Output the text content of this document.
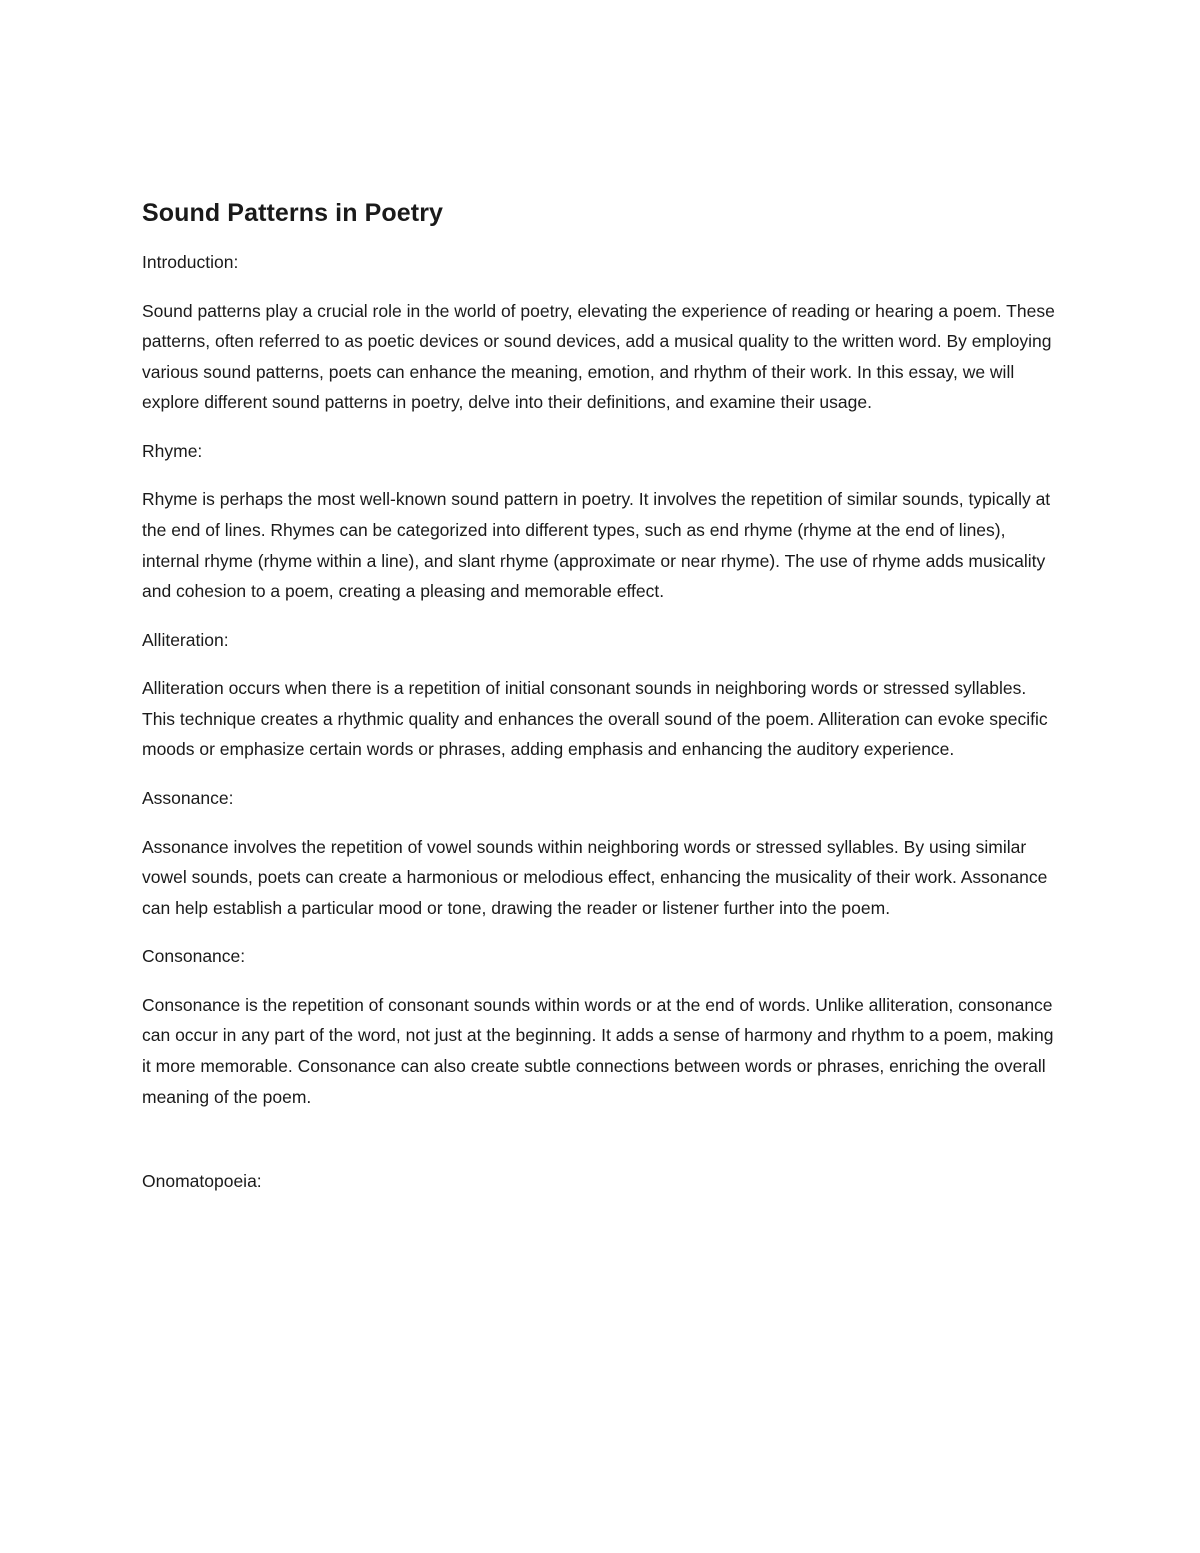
Sound Patterns in Poetry

Introduction:

Sound patterns play a crucial role in the world of poetry, elevating the experience of reading or hearing a poem. These patterns, often referred to as poetic devices or sound devices, add a musical quality to the written word. By employing various sound patterns, poets can enhance the meaning, emotion, and rhythm of their work. In this essay, we will explore different sound patterns in poetry, delve into their definitions, and examine their usage.

Rhyme:

Rhyme is perhaps the most well-known sound pattern in poetry. It involves the repetition of similar sounds, typically at the end of lines. Rhymes can be categorized into different types, such as end rhyme (rhyme at the end of lines), internal rhyme (rhyme within a line), and slant rhyme (approximate or near rhyme). The use of rhyme adds musicality and cohesion to a poem, creating a pleasing and memorable effect.

Alliteration:

Alliteration occurs when there is a repetition of initial consonant sounds in neighboring words or stressed syllables. This technique creates a rhythmic quality and enhances the overall sound of the poem. Alliteration can evoke specific moods or emphasize certain words or phrases, adding emphasis and enhancing the auditory experience.

Assonance:

Assonance involves the repetition of vowel sounds within neighboring words or stressed syllables. By using similar vowel sounds, poets can create a harmonious or melodious effect, enhancing the musicality of their work. Assonance can help establish a particular mood or tone, drawing the reader or listener further into the poem.

Consonance:

Consonance is the repetition of consonant sounds within words or at the end of words. Unlike alliteration, consonance can occur in any part of the word, not just at the beginning. It adds a sense of harmony and rhythm to a poem, making it more memorable. Consonance can also create subtle connections between words or phrases, enriching the overall meaning of the poem.

Onomatopoeia:
